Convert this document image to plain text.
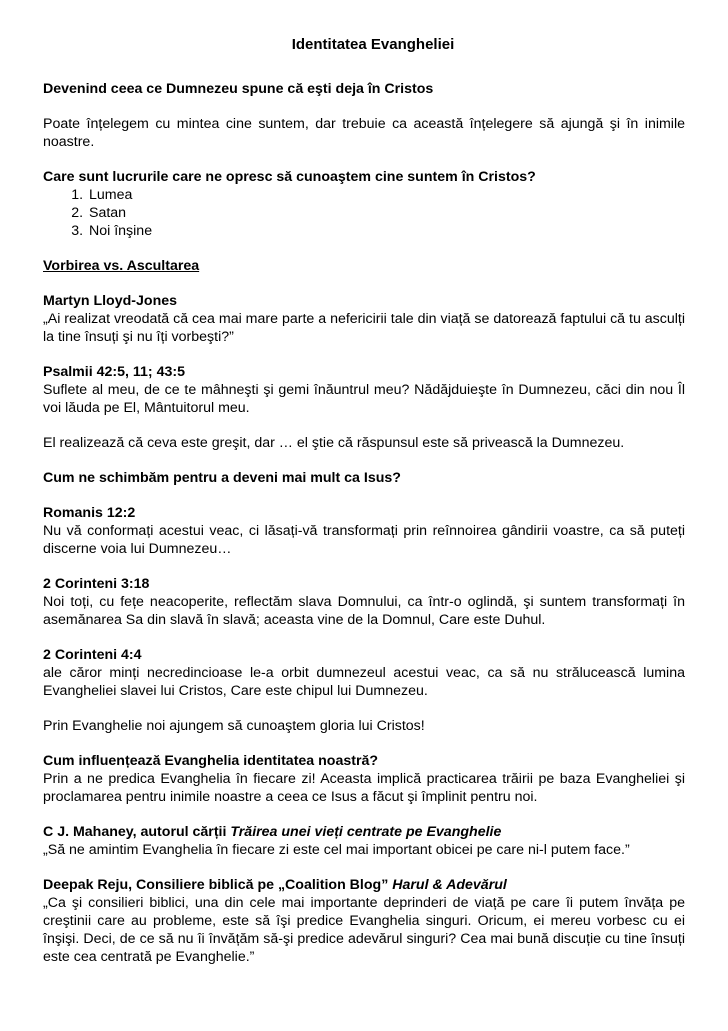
Identitatea Evangheliei

Devenind ceea ce Dumnezeu spune că eşti deja în Cristos

Poate înțelegem cu mintea cine suntem, dar trebuie ca această înțelegere să ajungă şi în inimile noastre.

Care sunt lucrurile care ne opresc să cunoaştem cine suntem în Cristos?

1. Lumea
2. Satan
3. Noi înşine

Vorbirea vs. Ascultarea

Martyn Lloyd-Jones

„Ai realizat vreodată că cea mai mare parte a nefericirii tale din viață se datorează faptului că tu asculți la tine însuți şi nu îți vorbeşti?”

Psalmii 42:5, 11; 43:5

Suflete al meu, de ce te mâhneşti şi gemi înăuntrul meu? Nădăjduieşte în Dumnezeu, căci din nou Îl voi lăuda pe El, Mântuitorul meu.

El realizează că ceva este greşit, dar … el ştie că răspunsul este să privească la Dumnezeu.

Cum ne schimbăm pentru a deveni mai mult ca Isus?

Romanis 12:2

Nu vă conformați acestui veac, ci lăsați-vă transformați prin reînnoirea gândirii voastre, ca să puteți discerne voia lui Dumnezeu…

2 Corinteni 3:18

Noi toți, cu fețe neacoperite, reflectăm slava Domnului, ca într-o oglindă, şi suntem transformați în asemănarea Sa din slavă în slavă; aceasta vine de la Domnul, Care este Duhul.

2 Corinteni 4:4

ale căror minți necredincioase le-a orbit dumnezeul acestui veac, ca să nu strălucească lumina Evangheliei slavei lui Cristos, Care este chipul lui Dumnezeu.

Prin Evanghelie noi ajungem să cunoaştem gloria lui Cristos!

Cum influențează Evanghelia identitatea noastră?

Prin a ne predica Evanghelia în fiecare zi! Aceasta implică practicarea trăirii pe baza Evangheliei şi proclamarea pentru inimile noastre a ceea ce Isus a făcut şi împlinit pentru noi.

C J. Mahaney, autorul cărții Trăirea unei vieți centrate pe Evanghelie

„Să ne amintim Evanghelia în fiecare zi este cel mai important obicei pe care ni-l putem face.”

Deepak Reju, Consiliere biblică pe „Coalition Blog” Harul & Adevărul

„Ca şi consilieri biblici, una din cele mai importante deprinderi de viață pe care îi putem învăța pe creştinii care au probleme, este să îşi predice Evanghelia singuri. Oricum, ei mereu vorbesc cu ei înşişi. Deci, de ce să nu îi învățăm să-şi predice adevărul singuri? Cea mai bună discuție cu tine însuți este cea centrată pe Evanghelie.”
